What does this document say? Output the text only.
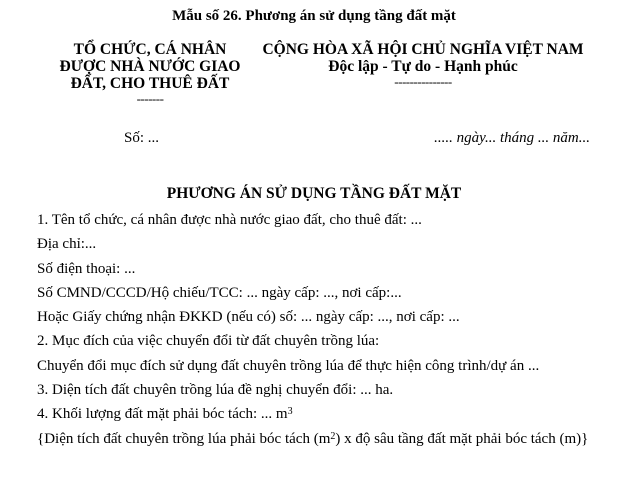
Mẫu số 26. Phương án sử dụng tầng đất mặt
TỔ CHỨC, CÁ NHÂN
ĐƯỢC NHÀ NƯỚC GIAO
ĐẤT, CHO THUÊ ĐẤT
-------
CỘNG HÒA XÃ HỘI CHỦ NGHĨA VIỆT NAM
Độc lập - Tự do - Hạnh phúc
---------------
Số: ...	..... ngày... tháng ... năm...
PHƯƠNG ÁN SỬ DỤNG TẦNG ĐẤT MẶT

1. Tên tổ chức, cá nhân được nhà nước giao đất, cho thuê đất: ...

Địa chỉ:...

Số điện thoại: ...

Số CMND/CCCD/Hộ chiếu/TCC: ... ngày cấp: ..., nơi cấp:...

Hoặc Giấy chứng nhận ĐKKD (nếu có) số: ... ngày cấp: ..., nơi cấp: ...

2. Mục đích của việc chuyển đổi từ đất chuyên trồng lúa:

Chuyển đổi mục đích sử dụng đất chuyên trồng lúa để thực hiện công trình/dự án ...

3. Diện tích đất chuyên trồng lúa đề nghị chuyển đổi: ... ha.

4. Khối lượng đất mặt phải bóc tách: ... $m^3$

{Diện tích đất chuyên trồng lúa phải bóc tách $(m^2)$ x độ sâu tầng đất mặt phải bóc tách (m)}
